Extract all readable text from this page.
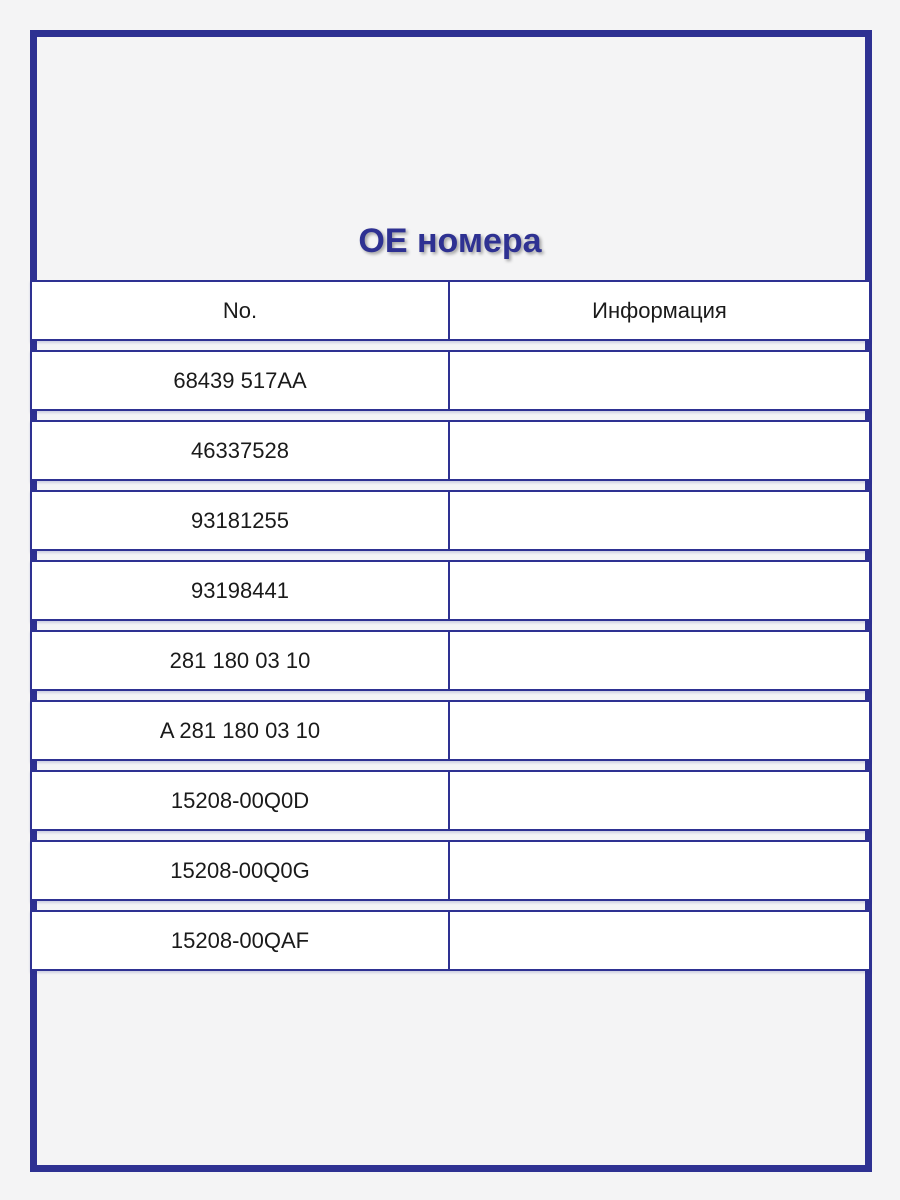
OE номера
No.	Информация
68439 517AA
46337528
93181255
93198441
281 180 03 10
A 281 180 03 10
15208-00Q0D
15208-00Q0G
15208-00QAF
